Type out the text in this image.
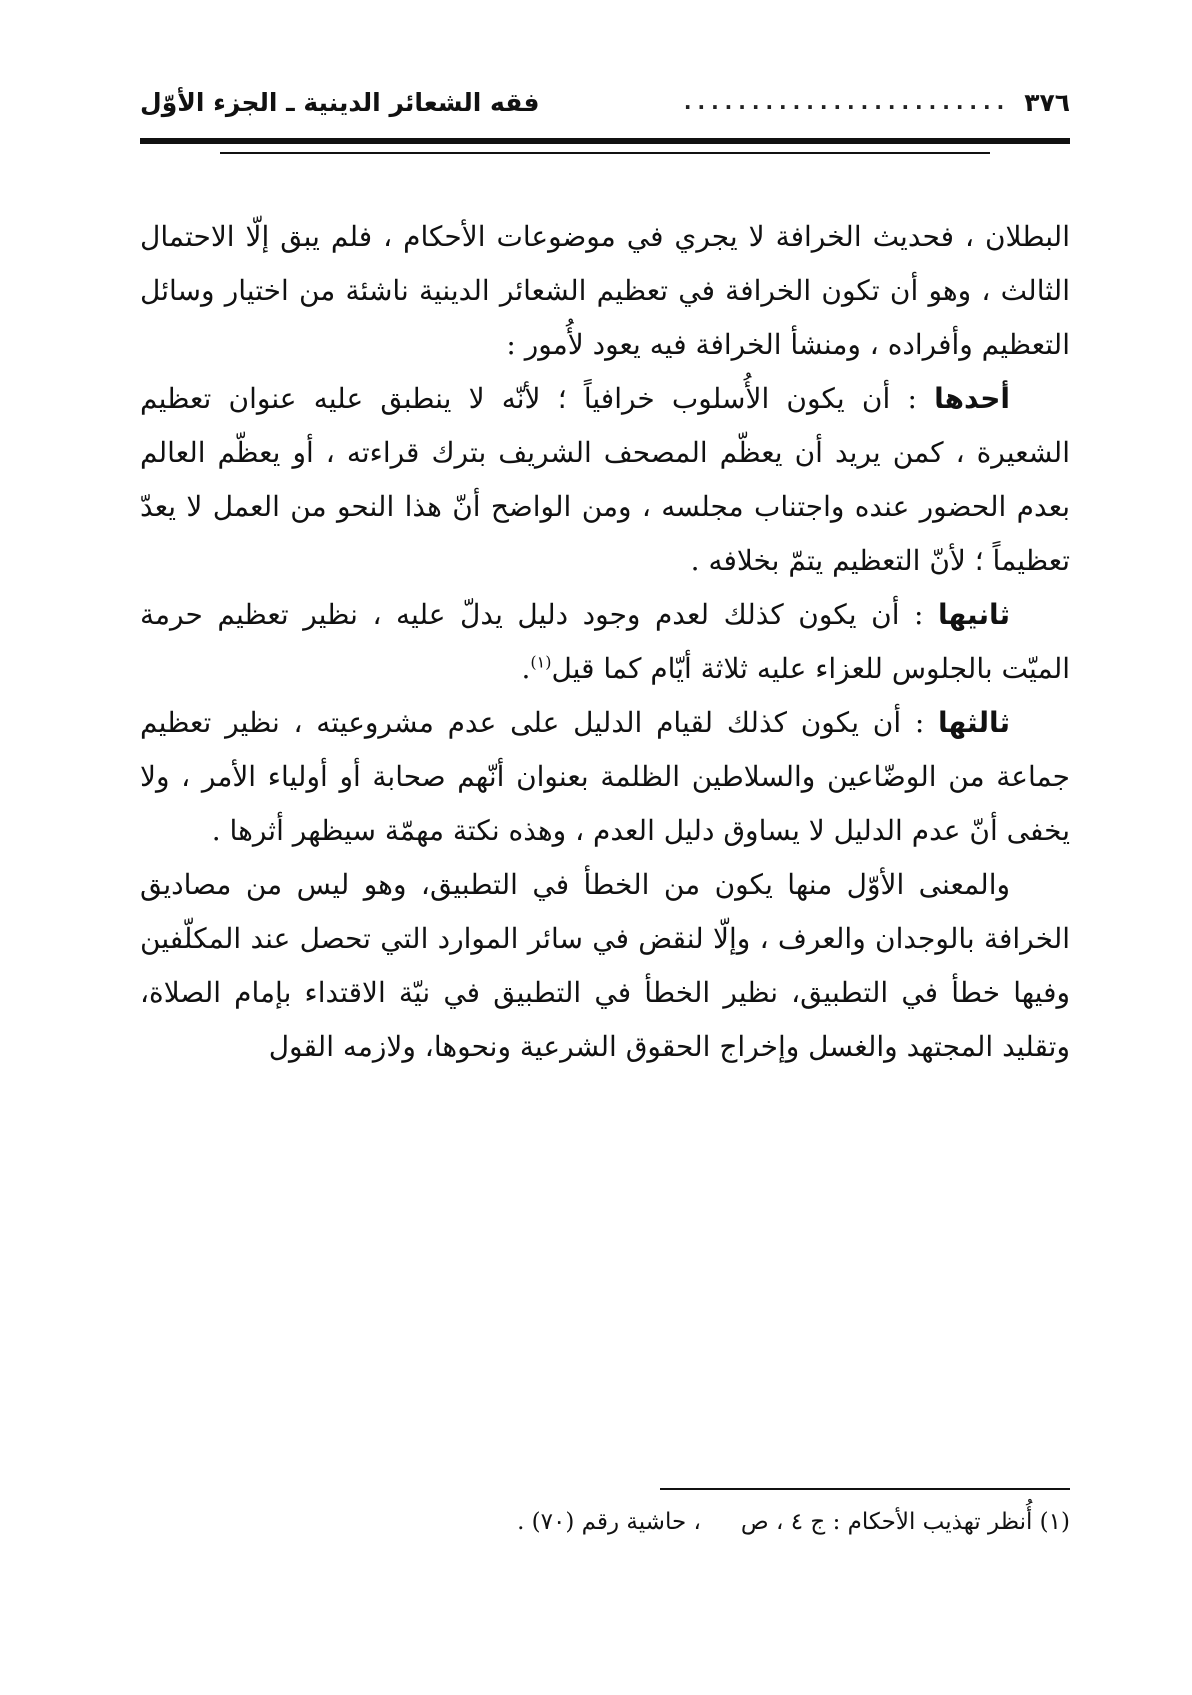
٣٧٦
........................
فقه الشعائر الدينية ـ الجزء الأوّل

البطلان ، فحديث الخرافة لا يجري في موضوعات الأحكام ، فلم يبق إلّا الاحتمال الثالث ، وهو أن تكون الخرافة في تعظيم الشعائر الدينية ناشئة من اختيار وسائل التعظيم وأفراده ، ومنشأ الخرافة فيه يعود لأُمور :

أحدها : أن يكون الأُسلوب خرافياً ؛ لأنّه لا ينطبق عليه عنوان تعظيم الشعيرة ، كمن يريد أن يعظّم المصحف الشريف بترك قراءته ، أو يعظّم العالم بعدم الحضور عنده واجتناب مجلسه ، ومن الواضح أنّ هذا النحو من العمل لا يعدّ تعظيماً ؛ لأنّ التعظيم يتمّ بخلافه .

ثانيها : أن يكون كذلك لعدم وجود دليل يدلّ عليه ، نظير تعظيم حرمة الميّت بالجلوس للعزاء عليه ثلاثة أيّام كما قيل$^{(١)}$.

ثالثها : أن يكون كذلك لقيام الدليل على عدم مشروعيته ، نظير تعظيم جماعة من الوضّاعين والسلاطين الظلمة بعنوان أنّهم صحابة أو أولياء الأمر ، ولا يخفى أنّ عدم الدليل لا يساوق دليل العدم ، وهذه نكتة مهمّة سيظهر أثرها .

والمعنى الأوّل منها يكون من الخطأ في التطبيق، وهو ليس من مصاديق الخرافة بالوجدان والعرف ، وإلّا لنقض في سائر الموارد التي تحصل عند المكلّفين وفيها خطأ في التطبيق، نظير الخطأ في التطبيق في نيّة الاقتداء بإمام الصلاة، وتقليد المجتهد والغسل وإخراج الحقوق الشرعية ونحوها، ولازمه القول

(١) أُنظر تهذيب الأحكام : ج ٤ ، ص، حاشية رقم (٧٠) .
